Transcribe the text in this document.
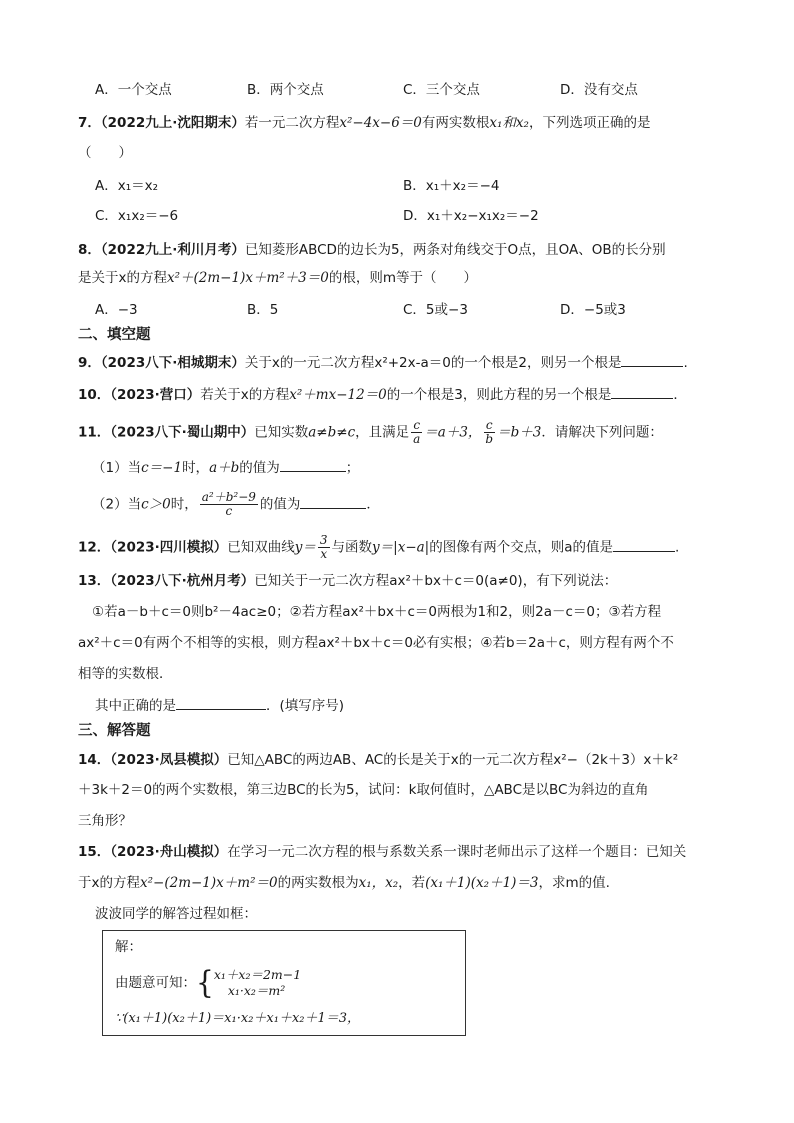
A．一个交点	B．两个交点	C．三个交点	D．没有交点
7．（2022九上·沈阳期末）若一元二次方程x²−4x−6＝0有两实数根x₁和x₂，下列选项正确的是
（　　）
A．x₁＝x₂	B．x₁＋x₂＝−4
C．x₁x₂＝−6	D．x₁＋x₂−x₁x₂＝−2
8．（2022九上·利川月考）已知菱形ABCD的边长为5，两条对角线交于O点，且OA、OB的长分别
是关于x的方程x²＋(2m−1)x＋m²＋3＝0的根，则m等于（　　）
A．−3	B．5	C．5或−3	D．−5或3
二、填空题
9．（2023八下·相城期末）关于x的一元二次方程x²+2x-a＝0的一个根是2，则另一个根是	.
10．（2023·营口）若关于x的方程x²＋mx−12＝0的一个根是3，则此方程的另一个根是	．
11．（2023八下·蜀山期中）已知实数a≠b≠c，且满足 $\frac{c}{a} =a+3$， $\frac{c}{b} =b+3$．请解决下列问题：
（1）当c＝−1时，a＋b的值为	；
（2）当c＞0时， $\frac{\text{a²＋b²−9}}{c}$ 的值为	．
12．（2023·四川模拟）已知双曲线$y= \frac{3}{x}$ 与函数y＝|x−a|的图像有两个交点，则a的值是	.
13．（2023八下·杭州月考）已知关于一元二次方程ax²＋bx＋c＝0(a≠0)，有下列说法：
①若a－b＋c＝0则b²－4ac≥0；②若方程ax²＋bx＋c＝0两根为1和2，则2a－c＝0；③若方程
ax²＋c＝0有两个不相等的实根，则方程ax²＋bx＋c＝0必有实根；④若b＝2a＋c，则方程有两个不
相等的实数根．
其中正确的是	．(填写序号)
三、解答题
14．（2023·凤县模拟）已知△ABC的两边AB、AC的长是关于x的一元二次方程x²−（2k＋3）x＋k²
＋3k＋2＝0的两个实数根，第三边BC的长为5，试问：k取何值时，△ABC是以BC为斜边的直角
三角形？
15．（2023·舟山模拟）在学习一元二次方程的根与系数关系一课时老师出示了这样一个题目：已知关
于x的方程x²−(2m−1)x＋m²＝0的两实数根为x₁，x₂，若(x₁＋1)(x₂＋1)＝3，求m的值.
波波同学的解答过程如框：
解：
由题意可知：{ x₁＋x₂＝2m−1
x₁·x₂＝m²
∵(x₁＋1)(x₂＋1)＝x₁·x₂＋x₁＋x₂＋1＝3，
